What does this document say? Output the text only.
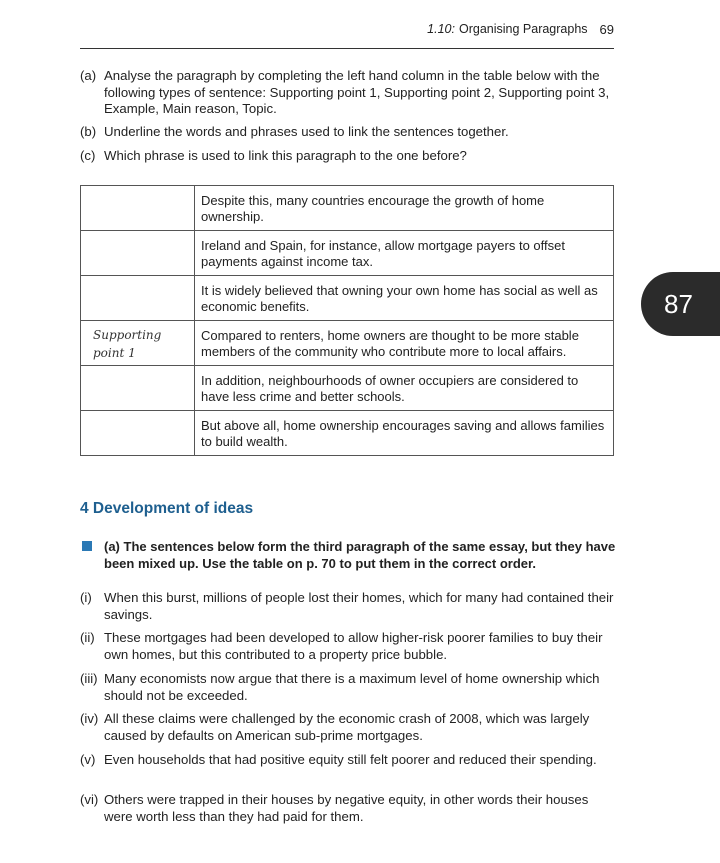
1.10: Organising Paragraphs 69
87
(a) Analyse the paragraph by completing the left hand column in the table below with the following types of sentence: Supporting point 1, Supporting point 2, Supporting point 3, Example, Main reason, Topic.
(b) Underline the words and phrases used to link the sentences together.
(c) Which phrase is used to link this paragraph to the one before?
	Despite this, many countries encourage the growth of home ownership.

	Ireland and Spain, for instance, allow mortgage payers to offset payments against income tax.

	It is widely believed that owning your own home has social as well as economic benefits.

Supporting point 1	Compared to renters, home owners are thought to be more stable members of the community who contribute more to local affairs.

	In addition, neighbourhoods of owner occupiers are considered to have less crime and better schools.

	But above all, home ownership encourages saving and allows families to build wealth.
4 Development of ideas
(a) The sentences below form the third paragraph of the same essay, but they have been mixed up. Use the table on p. 70 to put them in the correct order.
(i) When this burst, millions of people lost their homes, which for many had contained their savings.
(ii) These mortgages had been developed to allow higher-risk poorer families to buy their own homes, but this contributed to a property price bubble.
(iii) Many economists now argue that there is a maximum level of home ownership which should not be exceeded.
(iv) All these claims were challenged by the economic crash of 2008, which was largely caused by defaults on American sub-prime mortgages.
(v) Even households that had positive equity still felt poorer and reduced their spending.
(vi) Others were trapped in their houses by negative equity, in other words their houses were worth less than they had paid for them.
